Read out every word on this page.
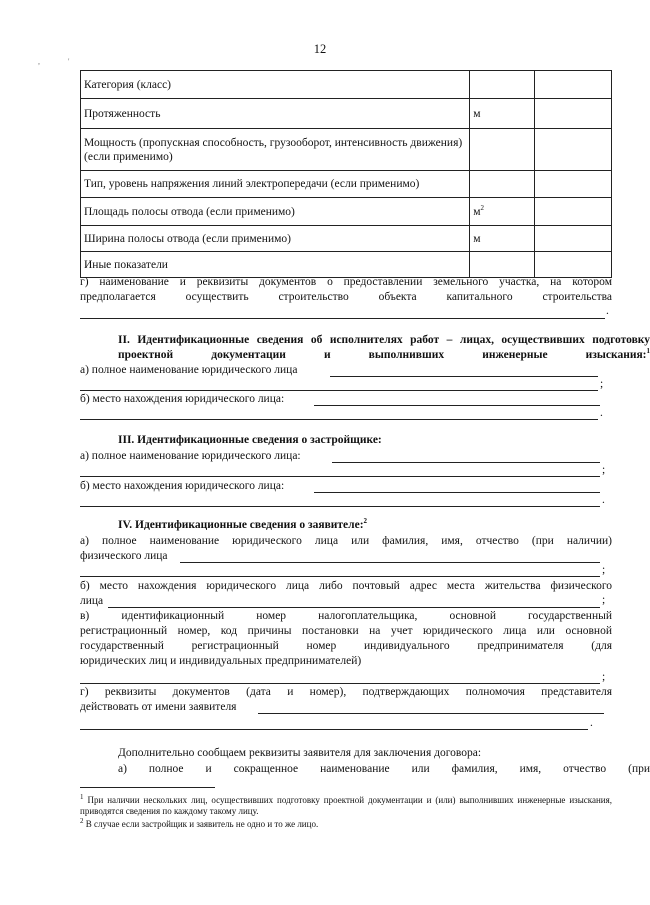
12
,	'
Категория (класс)		
Протяженность	м	
Мощность (пропускная способность, грузооборот, интенсивность движения) (если применимо)		
Тип, уровень напряжения линий электропередачи (если применимо)		
Площадь полосы отвода (если применимо)	$м^2$	
Ширина полосы отвода (если применимо)	м	
Иные показатели		
г) наименование и реквизиты документов о предоставлении земельного участка, на котором
предполагается осуществить строительство объекта капитального строительства
.
II. Идентификационные сведения об исполнителях работ – лицах, осуществивших подготовку проектной документации и выполнивших инженерные изыскания:$^1$
а) полное наименование юридического лица
;
б) место нахождения юридического лица:
.
III. Идентификационные сведения о застройщике:
а) полное наименование юридического лица:
;
б) место нахождения юридического лица:
.
IV. Идентификационные сведения о заявителе:$^2$
а) полное наименование юридического лица или фамилия, имя, отчество (при наличии)
физического лица
;
б) место нахождения юридического лица либо почтовый адрес места жительства физического
лица	;
в) идентификационный номер налогоплательщика, основной государственный
регистрационный номер, код причины постановки на учет юридического лица или основной
государственный регистрационный номер индивидуального предпринимателя (для
юридических лиц и индивидуальных предпринимателей)
;
г) реквизиты документов (дата и номер), подтверждающих полномочия представителя
действовать от имени заявителя
.
Дополнительно сообщаем реквизиты заявителя для заключения договора:
а) полное и сокращенное наименование или фамилия, имя, отчество (при
$^1$ При наличии нескольких лиц, осуществивших подготовку проектной документации и (или) выполнивших инженерные изыскания, приводятся сведения по каждому такому лицу.
$^2$ В случае если застройщик и заявитель не одно и то же лицо.
